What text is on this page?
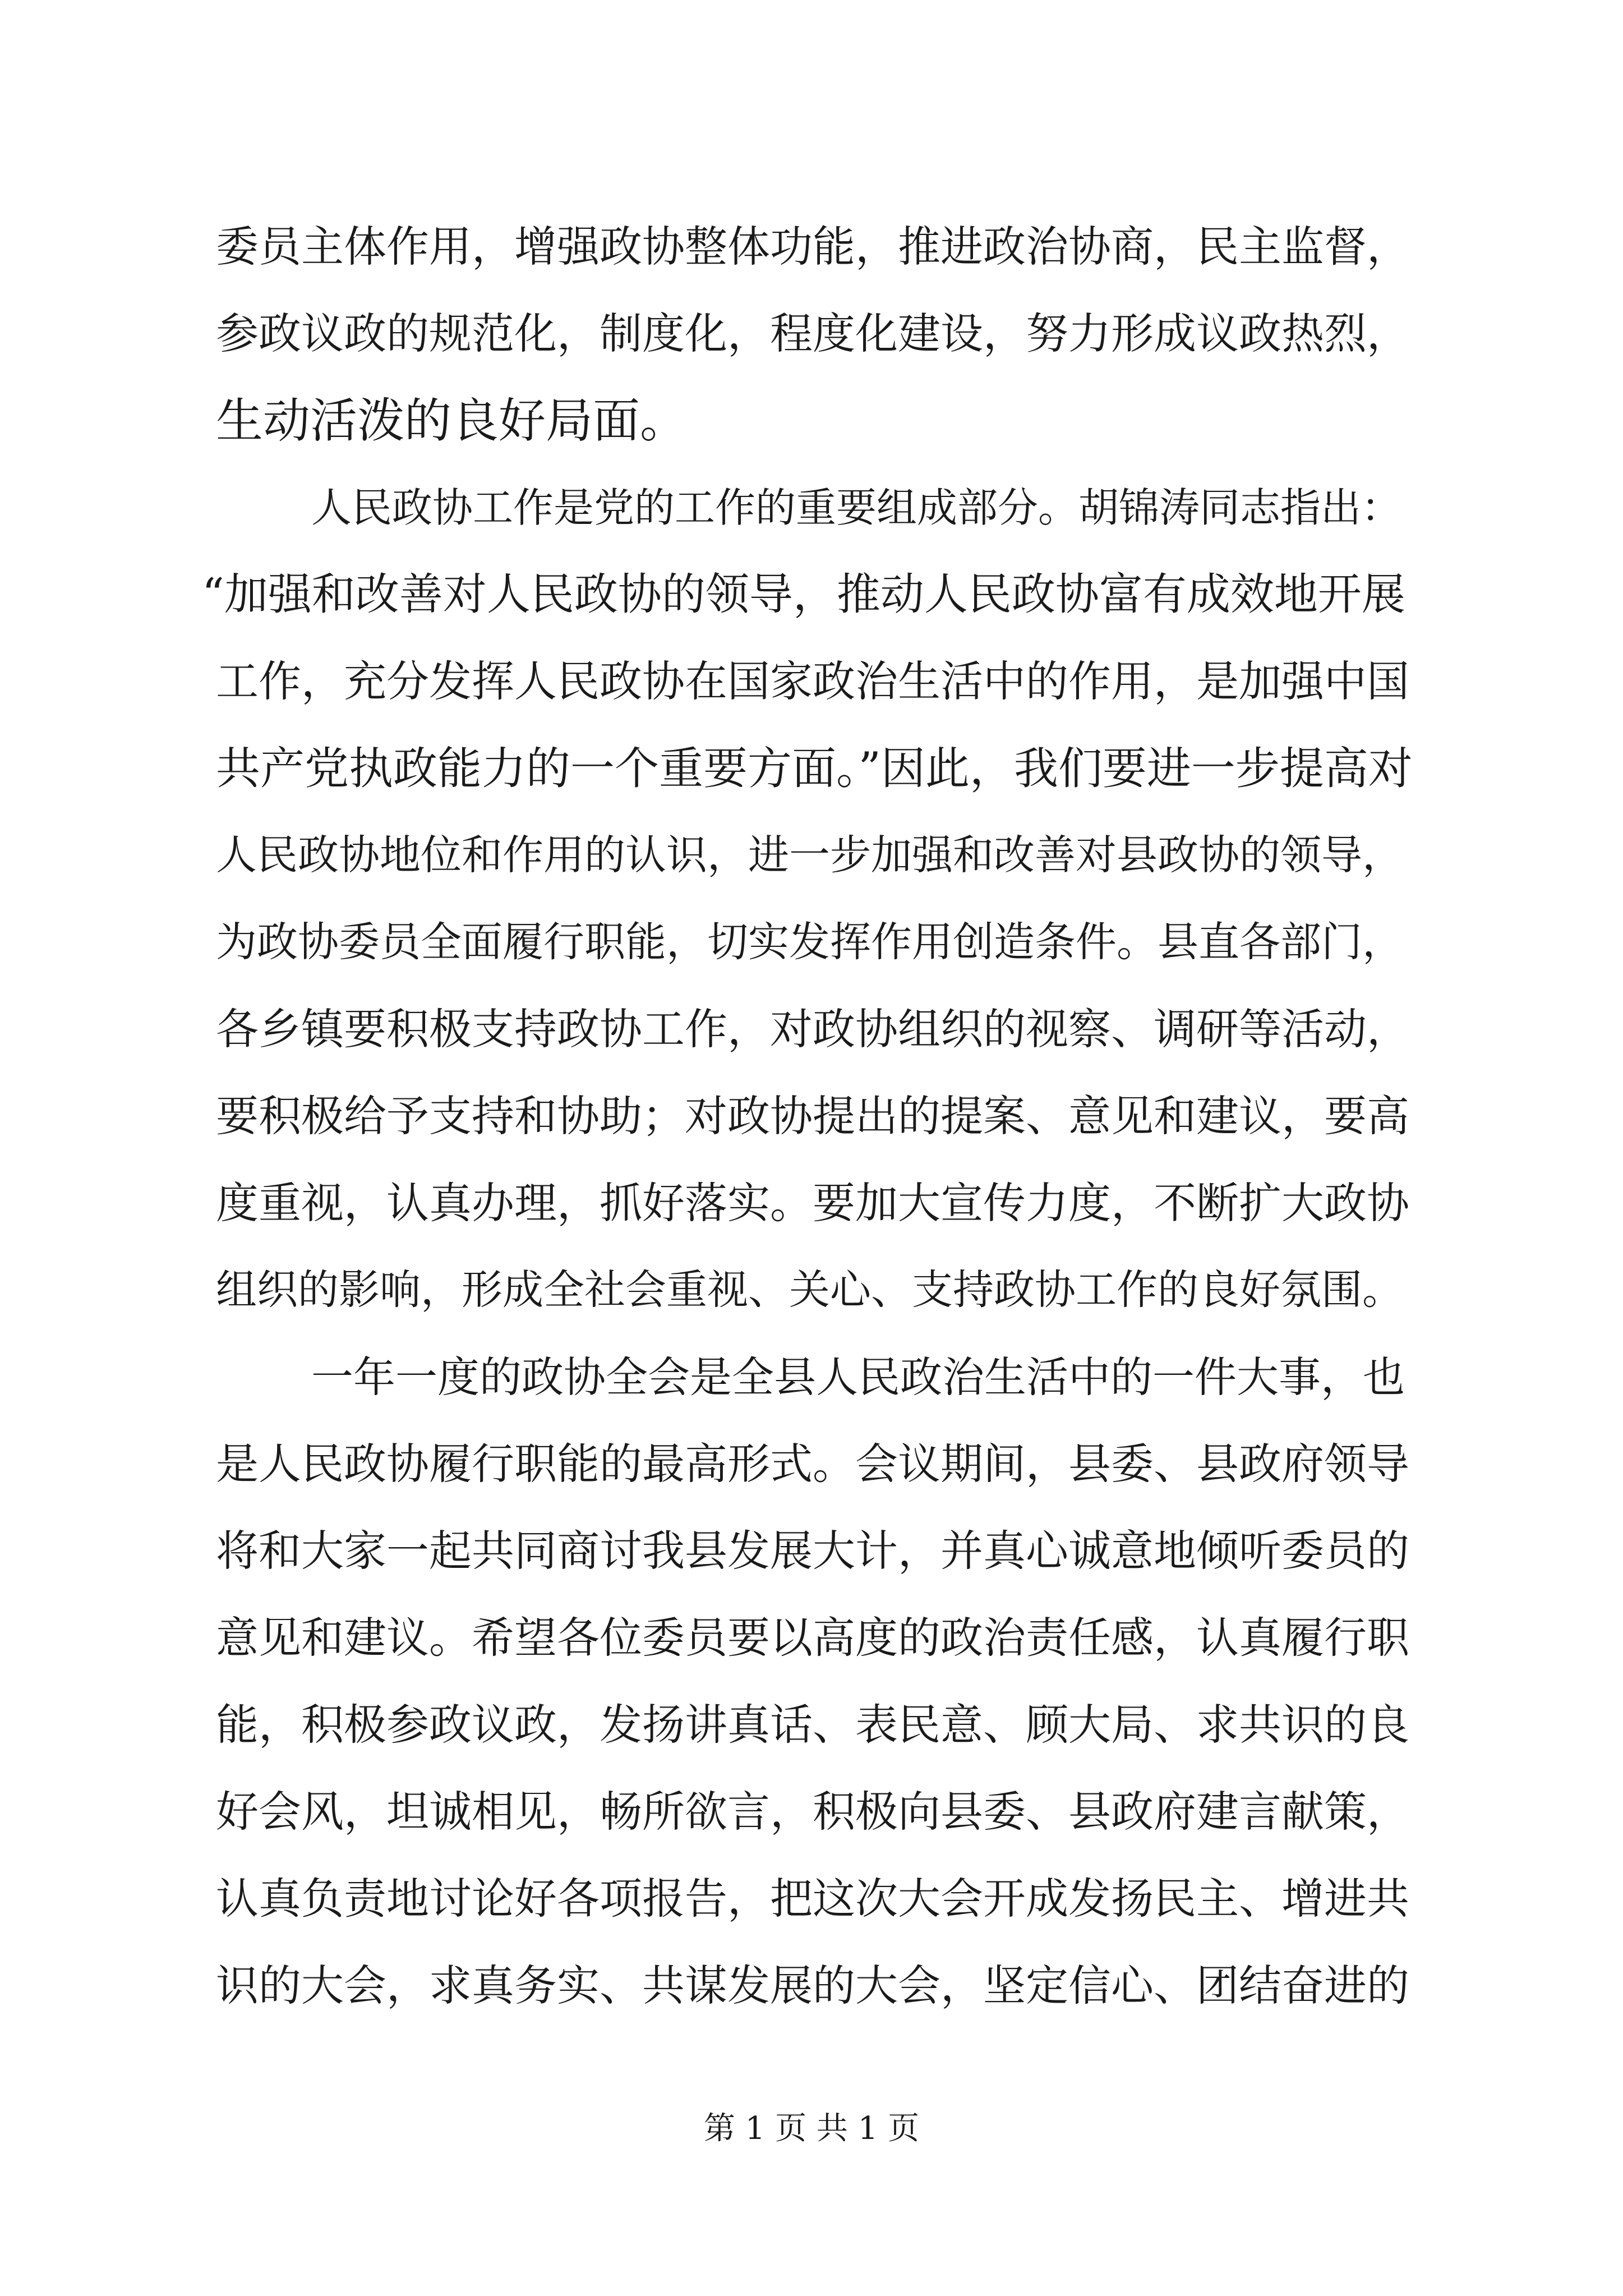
委员主体作用，增强政协整体功能，推进政治协商，民主监督，
参政议政的规范化，制度化，程度化建设，努力形成议政热烈，
生动活泼的良好局面。
人民政协工作是党的工作的重要组成部分。胡锦涛同志指出：
“加强和改善对人民政协的领导，推动人民政协富有成效地开展
工作，充分发挥人民政协在国家政治生活中的作用，是加强中国
共产党执政能力的一个重要方面。”因此，我们要进一步提高对
人民政协地位和作用的认识，进一步加强和改善对县政协的领导，
为政协委员全面履行职能，切实发挥作用创造条件。县直各部门，
各乡镇要积极支持政协工作，对政协组织的视察、调研等活动，
要积极给予支持和协助；对政协提出的提案、意见和建议，要高
度重视，认真办理，抓好落实。要加大宣传力度，不断扩大政协
组织的影响，形成全社会重视、关心、支持政协工作的良好氛围。
一年一度的政协全会是全县人民政治生活中的一件大事，也
是人民政协履行职能的最高形式。会议期间，县委、县政府领导
将和大家一起共同商讨我县发展大计，并真心诚意地倾听委员的
意见和建议。希望各位委员要以高度的政治责任感，认真履行职
能，积极参政议政，发扬讲真话、表民意、顾大局、求共识的良
好会风，坦诚相见，畅所欲言，积极向县委、县政府建言献策，
认真负责地讨论好各项报告，把这次大会开成发扬民主、增进共
识的大会，求真务实、共谋发展的大会，坚定信心、团结奋进的
第 1 页 共 1 页
